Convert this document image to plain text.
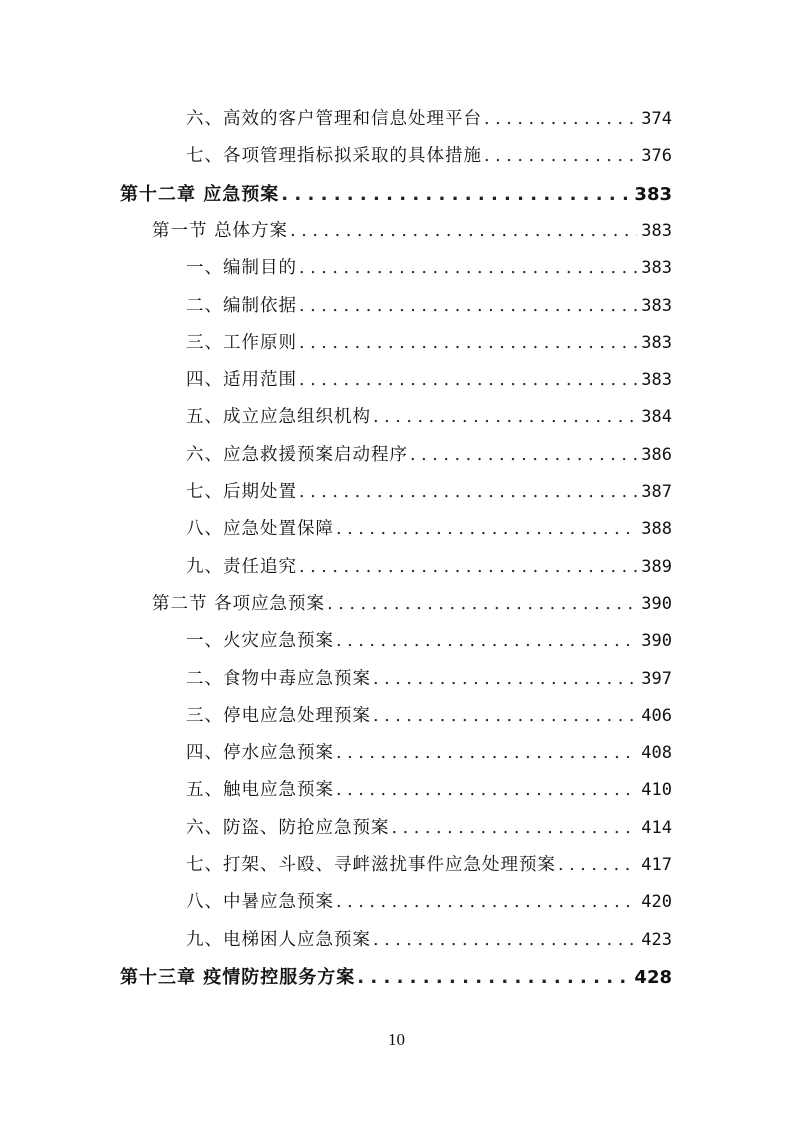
六、高效的客户管理和信息处理平台 . . .	374
七、各项管理指标拟采取的具体措施 . . .	376
第十二章 应急预案 . . .	383
第一节 总体方案 . . .	383
一、编制目的 . . .	383
二、编制依据 . . .	383
三、工作原则 . . .	383
四、适用范围 . . .	383
五、成立应急组织机构 . . .	384
六、应急救援预案启动程序 . . .	386
七、后期处置 . . .	387
八、应急处置保障 . . .	388
九、责任追究 . . .	389
第二节 各项应急预案 . . .	390
一、火灾应急预案 . . .	390
二、食物中毒应急预案 . . .	397
三、停电应急处理预案 . . .	406
四、停水应急预案 . . .	408
五、触电应急预案 . . .	410
六、防盗、防抢应急预案 . . .	414
七、打架、斗殴、寻衅滋扰事件应急处理预案 . . .	417
八、中暑应急预案 . . .	420
九、电梯困人应急预案 . . .	423
第十三章 疫情防控服务方案 . . .	428
10
